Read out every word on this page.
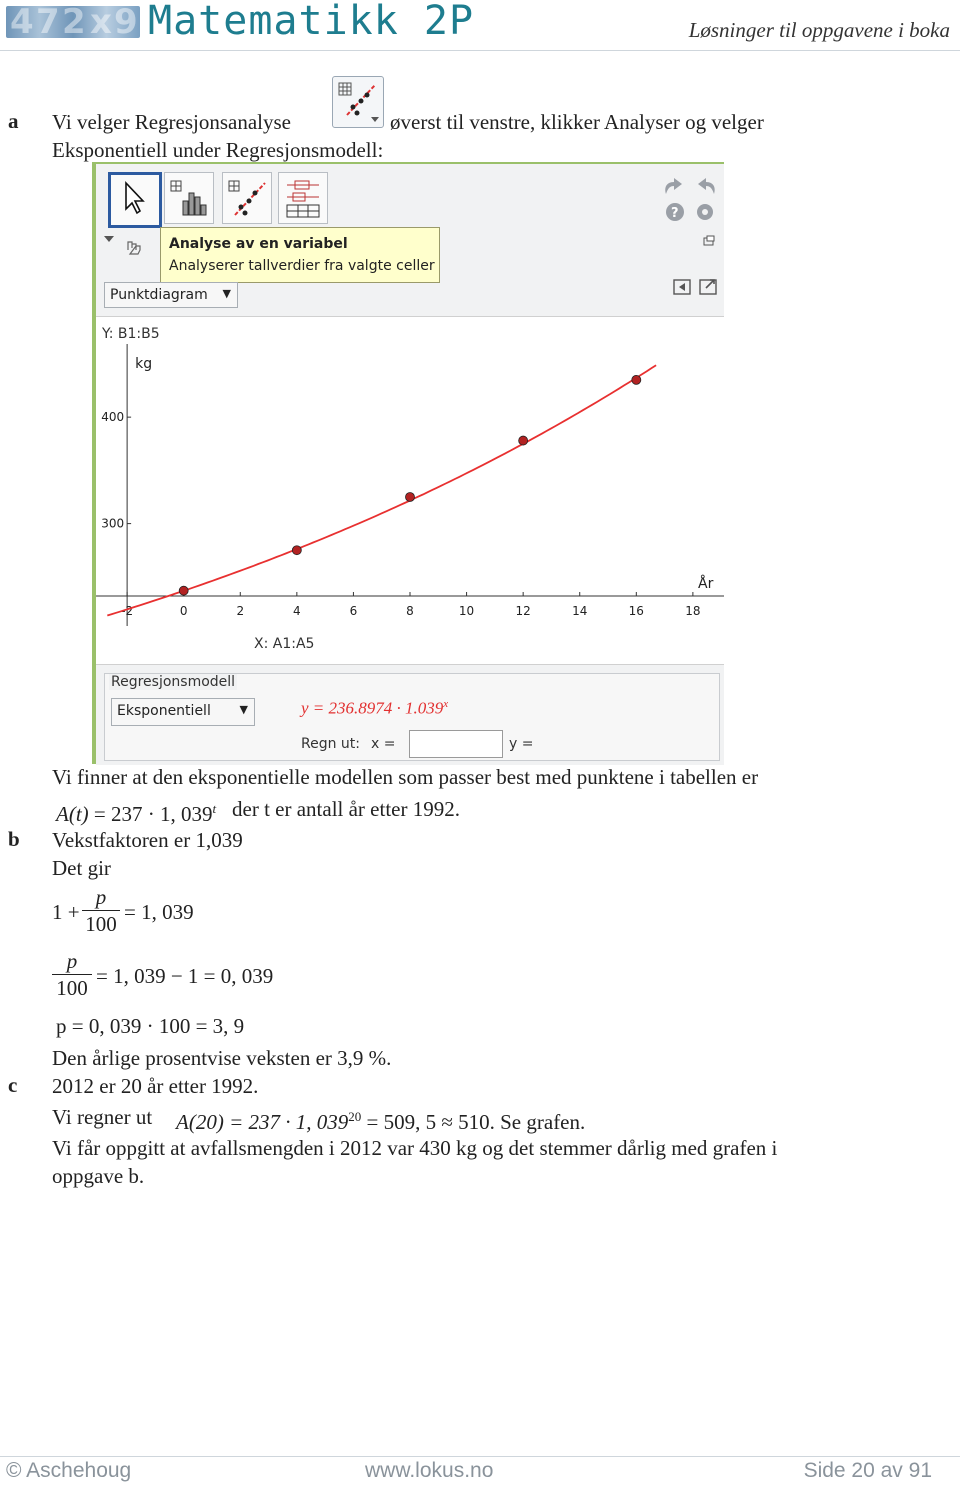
4 7 2 x 9 Matematikk 2P	Løsninger til oppgavene i boka
a Vi velger Regresjonsanalyse	øverst til venstre, klikker Analyser og velger
Eksponentiell under Regresjonsmodell:
?
Analyse av en variabel
Analyserer tallverdier fra valgte celler
Punktdiagram ▼
Y: B1:B5
X: A1:A5
-2	0	2	4	6	8	10	12	14	16	18
300
400
kg
År
Regresjonsmodell
Eksponentiell	▼	$y = 236.8974 \cdot 1.039^x$
Regn ut: x =	y =
Vi finner at den eksponentielle modellen som passer best med punktene i tabellen er
A(t) = 237 · 1, 039$^t$ der t er antall år etter 1992.
b Vekstfaktoren er 1,039
Det gir
1 +
p
100 = 1, 039
p
100 = 1, 039 − 1 = 0, 039
p = 0, 039 · 100 = 3, 9
Den årlige prosentvise veksten er 3,9 %.
c 2012 er 20 år etter 1992.
Vi regner ut A(20) = 237 · 1, $039^{20} = 509$, 5 ≈ 510. Se grafen.
Vi får oppgitt at avfallsmengden i 2012 var 430 kg og det stemmer dårlig med grafen i
oppgave b.
© Aschehoug	www.lokus.no	Side 20 av 91
